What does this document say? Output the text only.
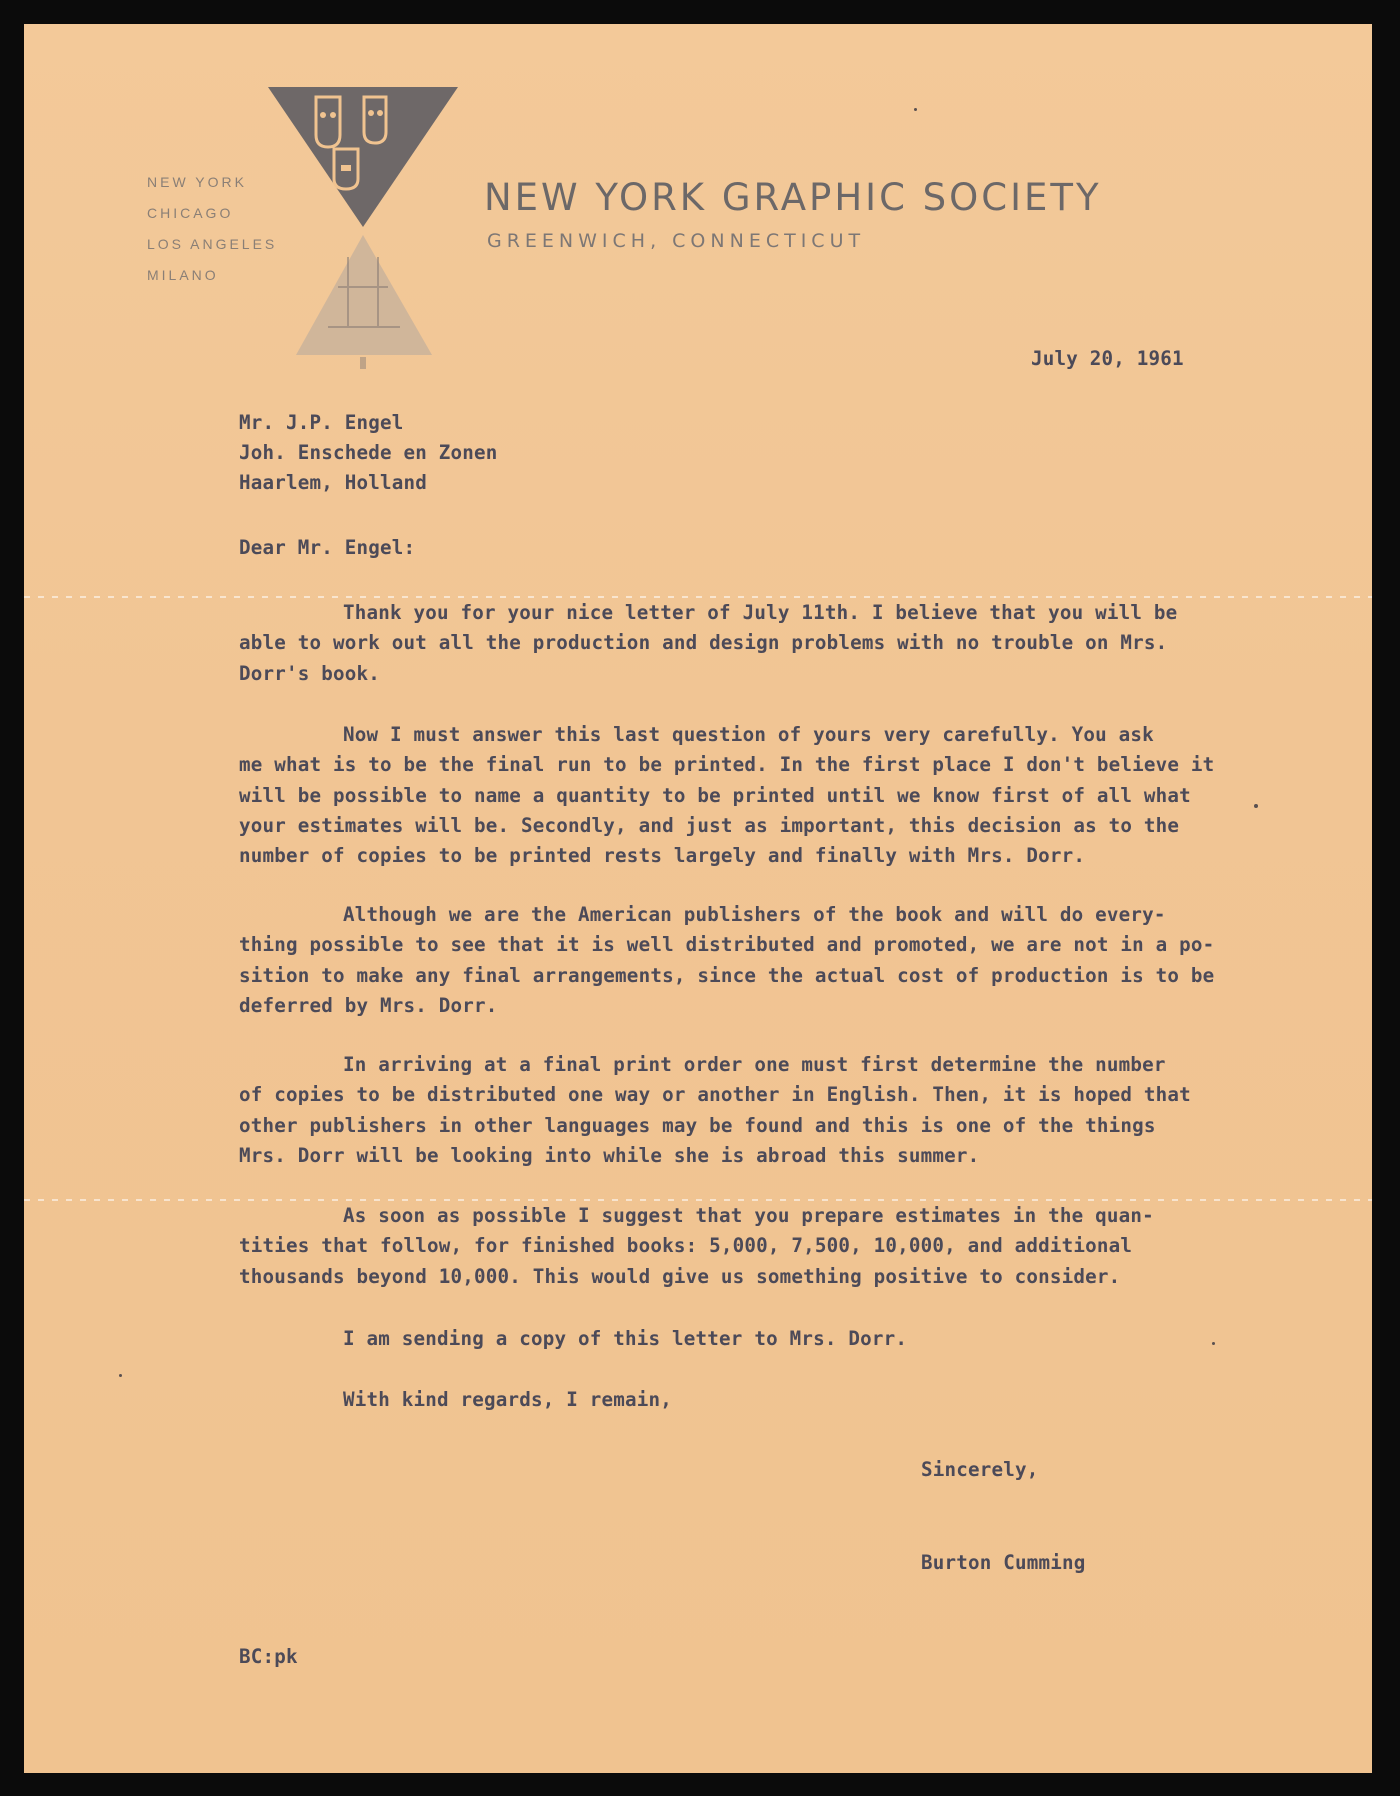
NEW YORK
CHICAGO
LOS ANGELES
MILANO
NEW YORK GRAPHIC SOCIETY
GREENWICH, CONNECTICUT
July 20, 1961
Mr. J.P. Engel
Joh. Enschede en Zonen
Haarlem, Holland
Dear Mr. Engel:
Thank you for your nice letter of July 11th. I believe that you will be
able to work out all the production and design problems with no trouble on Mrs.
Dorr's book.
Now I must answer this last question of yours very carefully. You ask
me what is to be the final run to be printed. In the first place I don't believe it
will be possible to name a quantity to be printed until we know first of all what
your estimates will be. Secondly, and just as important, this decision as to the
number of copies to be printed rests largely and finally with Mrs. Dorr.
Although we are the American publishers of the book and will do every-
thing possible to see that it is well distributed and promoted, we are not in a po-
sition to make any final arrangements, since the actual cost of production is to be
deferred by Mrs. Dorr.
In arriving at a final print order one must first determine the number
of copies to be distributed one way or another in English. Then, it is hoped that
other publishers in other languages may be found and this is one of the things
Mrs. Dorr will be looking into while she is abroad this summer.
As soon as possible I suggest that you prepare estimates in the quan-
tities that follow, for finished books: 5,000, 7,500, 10,000, and additional
thousands beyond 10,000. This would give us something positive to consider.
I am sending a copy of this letter to Mrs. Dorr.
With kind regards, I remain,
Sincerely,
Burton Cumming
BC:pk
